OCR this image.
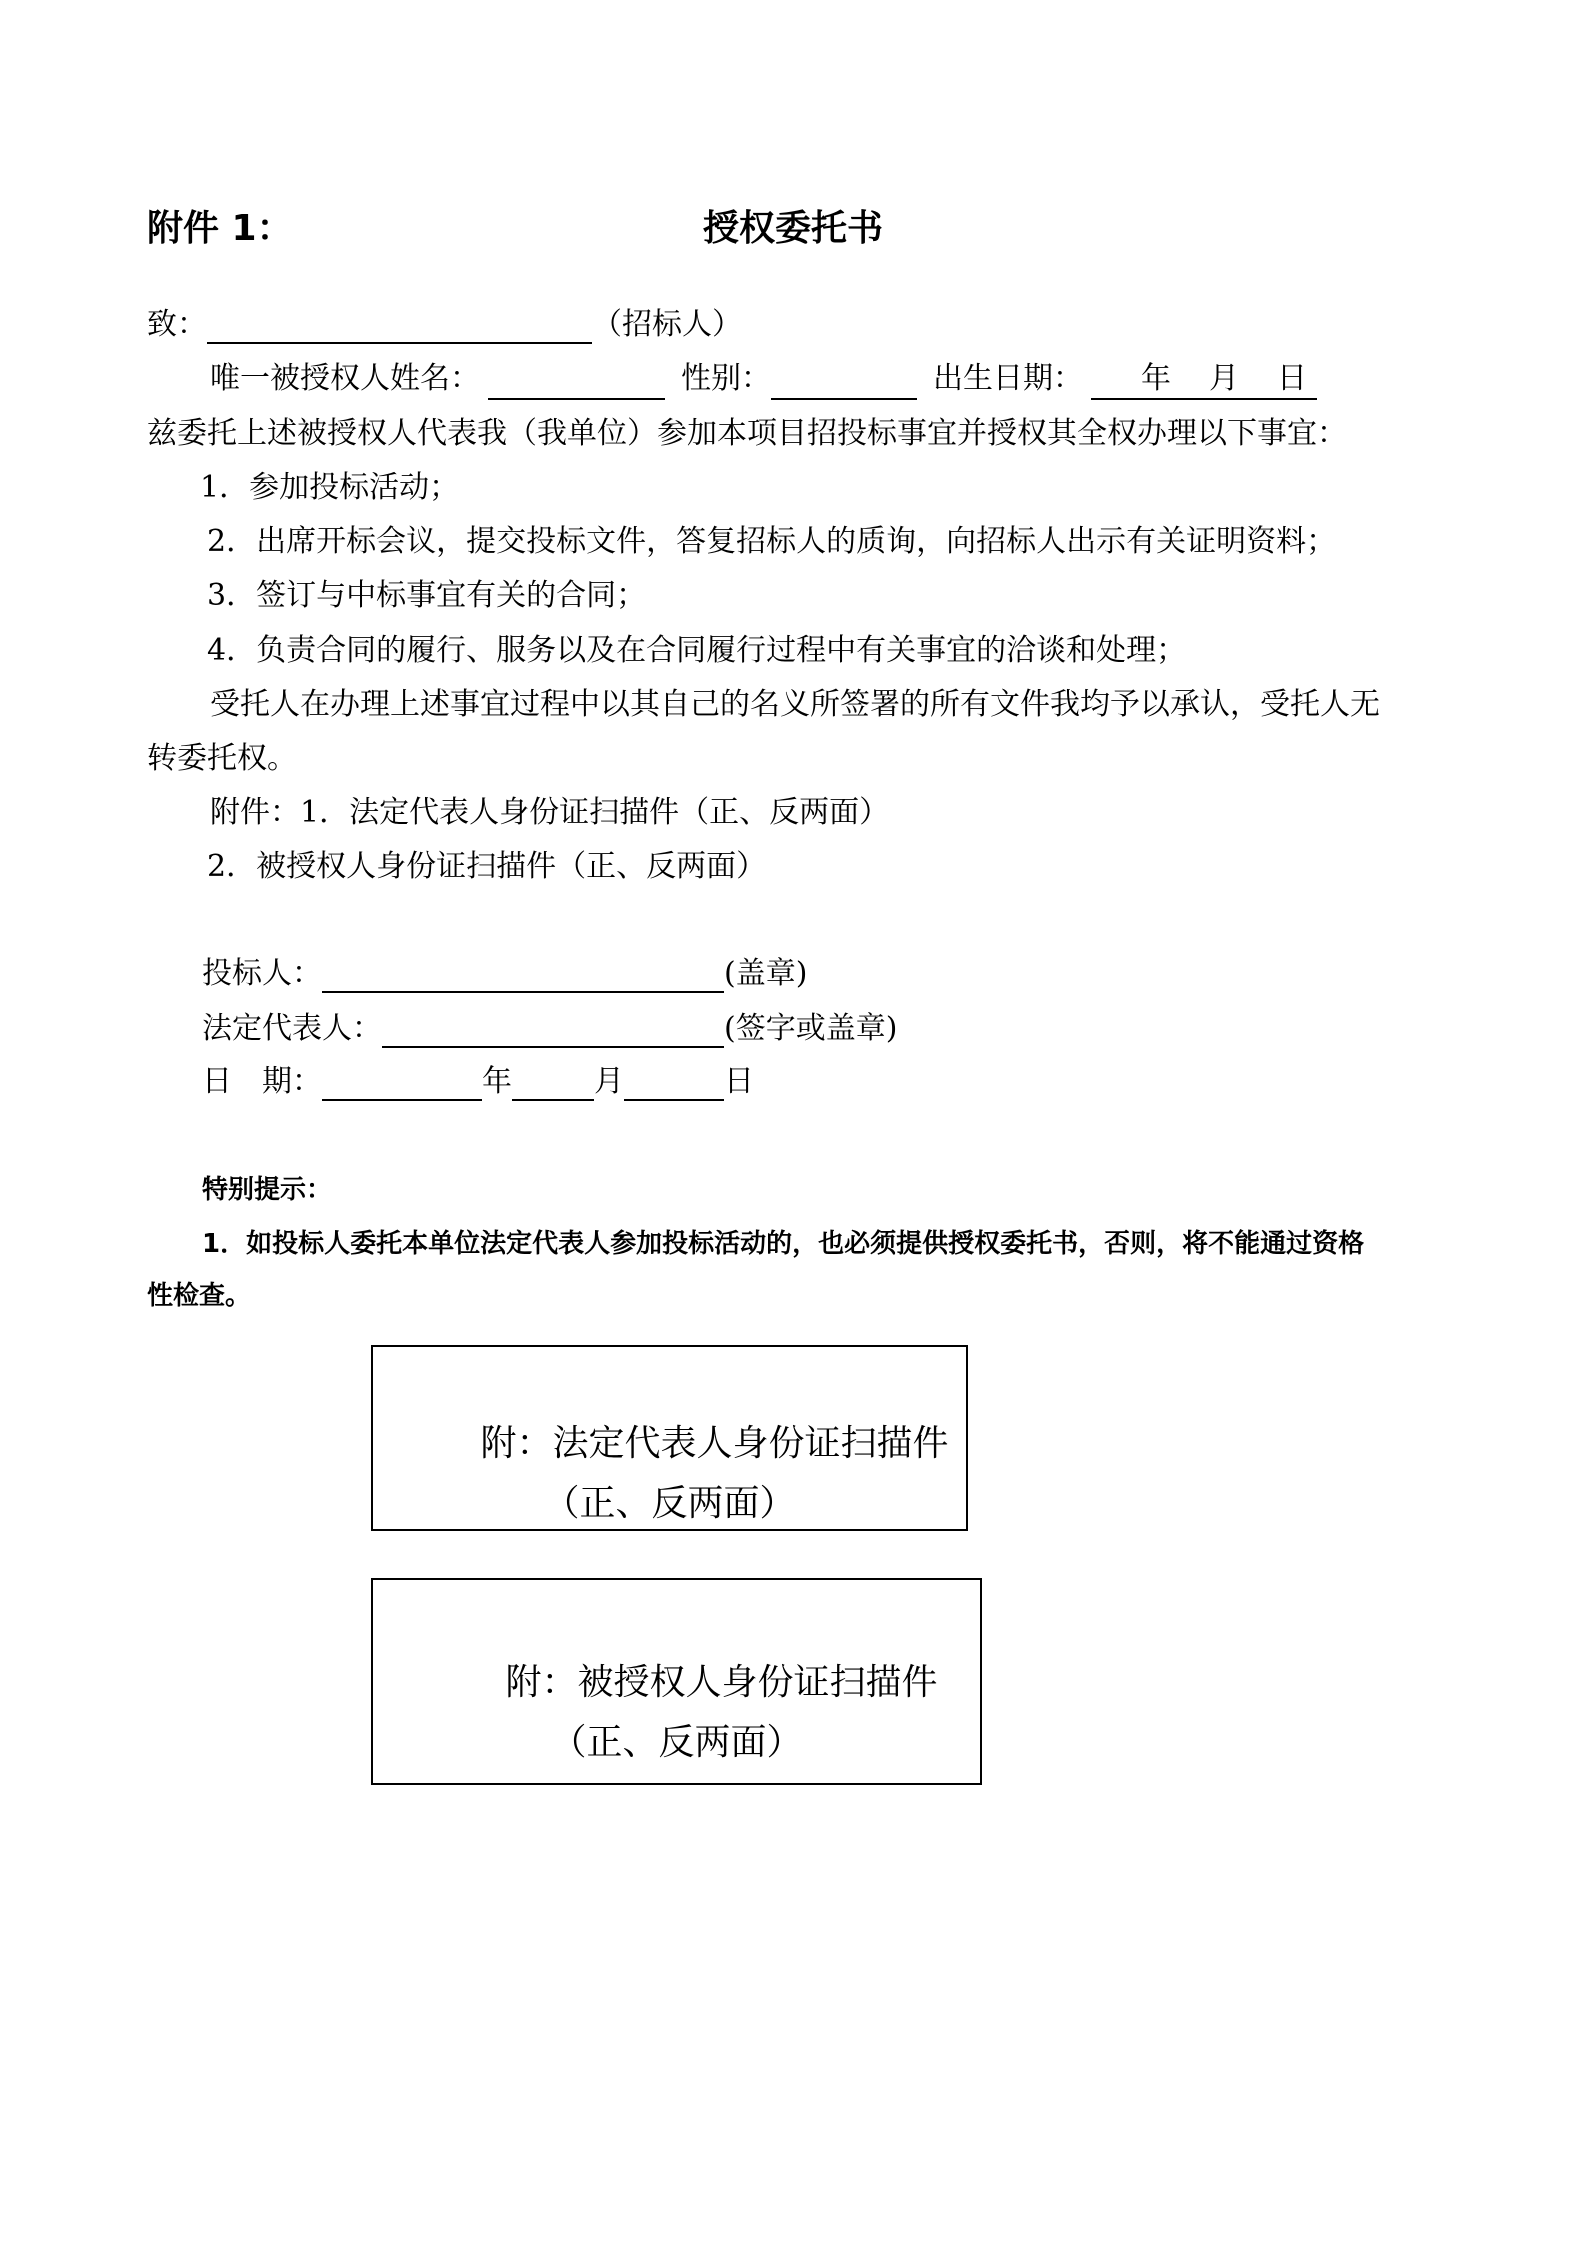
附件 1：	授权委托书
致：	（招标人）
唯一被授权人姓名：	性别：	出生日期： 年 月 日
兹委托上述被授权人代表我（我单位）参加本项目招投标事宜并授权其全权办理以下事宜：
1．参加投标活动；
2．出席开标会议，提交投标文件，答复招标人的质询，向招标人出示有关证明资料；
3．签订与中标事宜有关的合同；
4．负责合同的履行、服务以及在合同履行过程中有关事宜的洽谈和处理；
受托人在办理上述事宜过程中以其自己的名义所签署的所有文件我均予以承认，受托人无
转委托权。
附件：1．法定代表人身份证扫描件（正、反两面）
2．被授权人身份证扫描件（正、反两面）
投标人：	(盖章)
法定代表人：	(签字或盖章)
日　期：	年	月	日
特别提示：
1．如投标人委托本单位法定代表人参加投标活动的，也必须提供授权委托书，否则，将不能通过资格
性检查。
附：法定代表人身份证扫描件
（正、反两面）
附：被授权人身份证扫描件
（正、反两面）
